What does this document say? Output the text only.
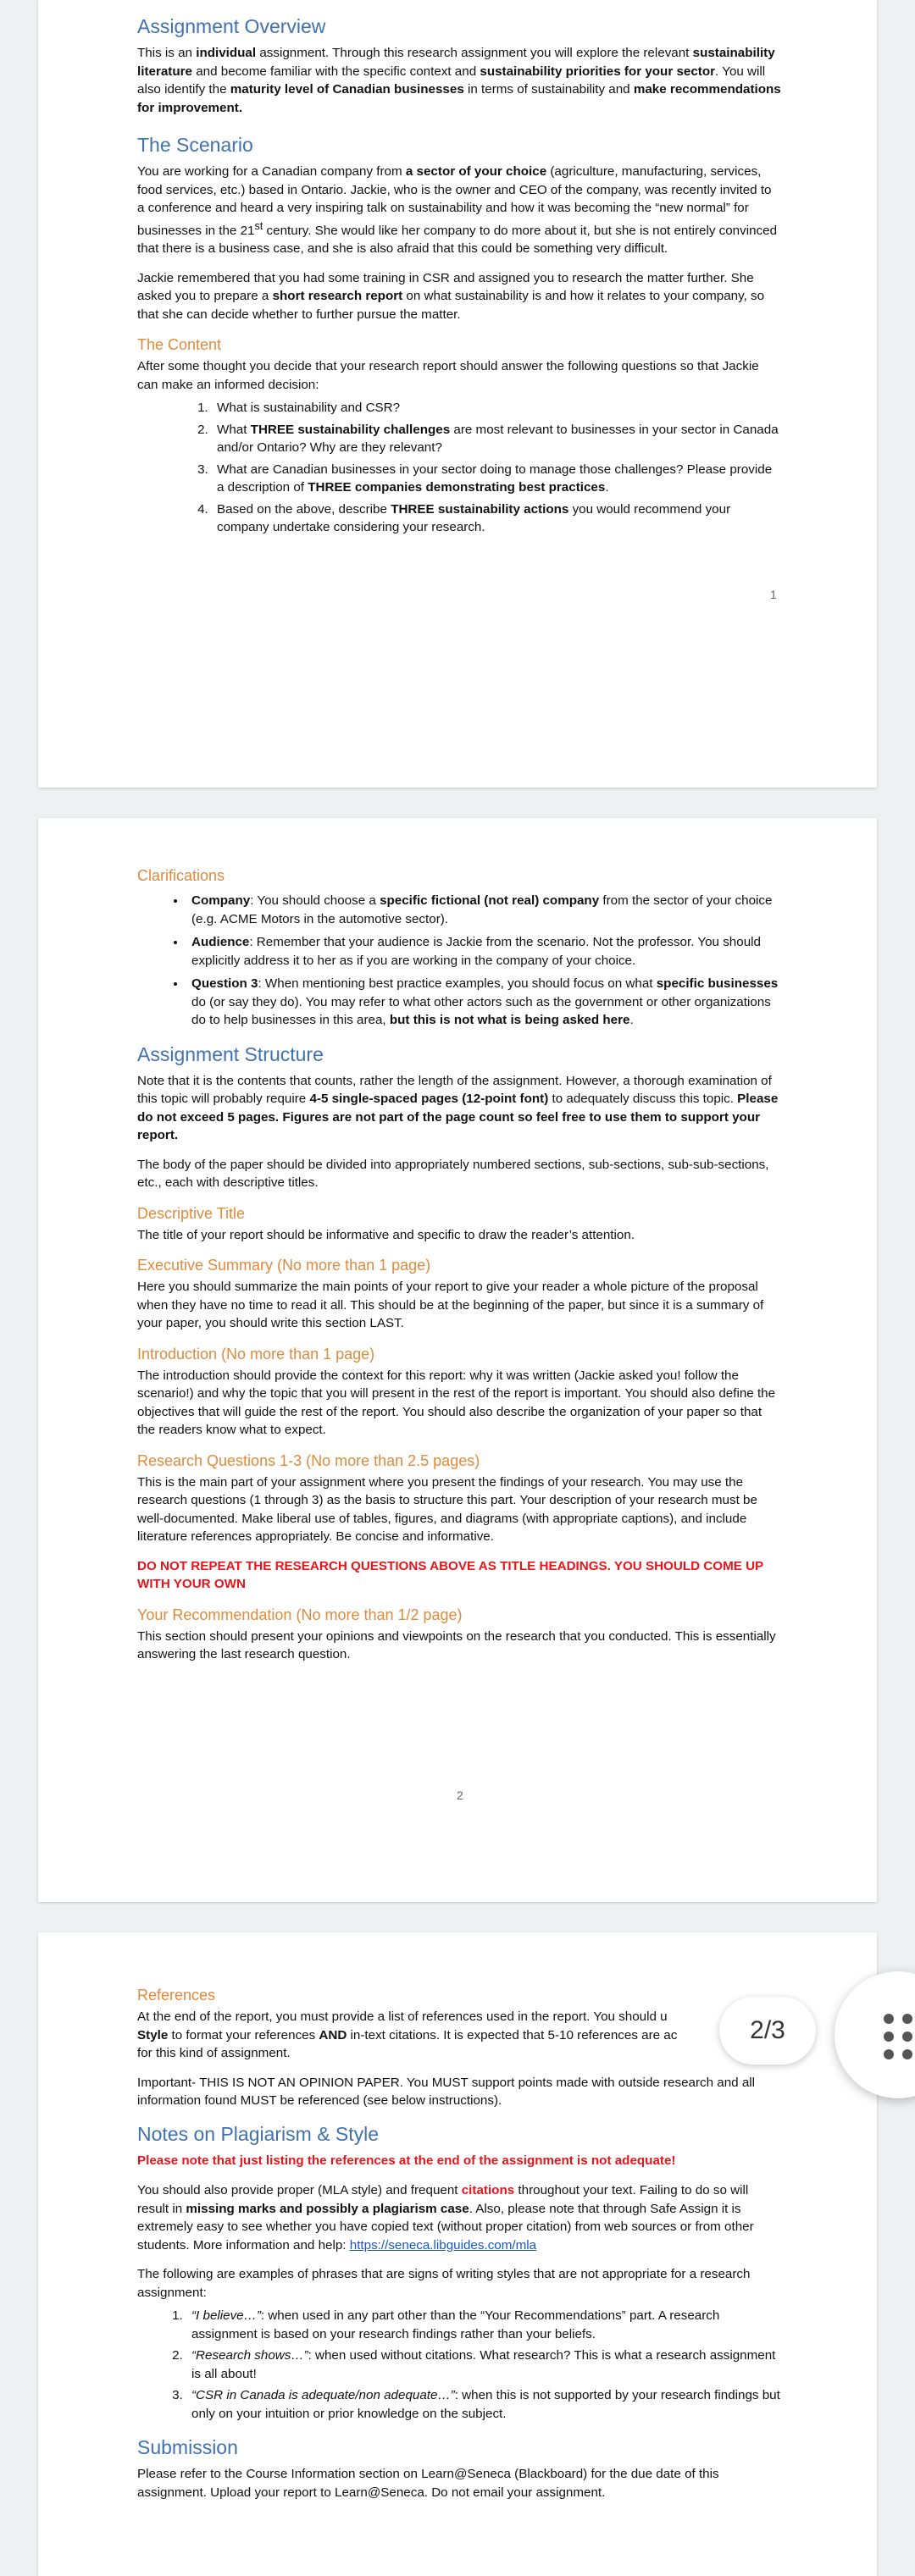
Assignment Overview

This is an individual assignment. Through this research assignment you will explore the relevant sustainability literature and become familiar with the specific context and sustainability priorities for your sector. You will also identify the maturity level of Canadian businesses in terms of sustainability and make recommendations for improvement.

The Scenario

You are working for a Canadian company from a sector of your choice (agriculture, manufacturing, services, food services, etc.) based in Ontario. Jackie, who is the owner and CEO of the company, was recently invited to a conference and heard a very inspiring talk on sustainability and how it was becoming the “new normal” for businesses in the 21st century. She would like her company to do more about it, but she is not entirely convinced that there is a business case, and she is also afraid that this could be something very difficult.

Jackie remembered that you had some training in CSR and assigned you to research the matter further. She asked you to prepare a short research report on what sustainability is and how it relates to your company, so that she can decide whether to further pursue the matter.

The Content
After some thought you decide that your research report should answer the following questions so that Jackie can make an informed decision:
1. What is sustainability and CSR?
2. What THREE sustainability challenges are most relevant to businesses in your sector in Canada and/or Ontario? Why are they relevant?
3. What are Canadian businesses in your sector doing to manage those challenges? Please provide a description of THREE companies demonstrating best practices.
4. Based on the above, describe THREE sustainability actions you would recommend your company undertake considering your research.
1
Clarifications
• Company: You should choose a specific fictional (not real) company from the sector of your choice (e.g. ACME Motors in the automotive sector).
• Audience: Remember that your audience is Jackie from the scenario. Not the professor. You should explicitly address it to her as if you are working in the company of your choice.
• Question 3: When mentioning best practice examples, you should focus on what specific businesses do (or say they do). You may refer to what other actors such as the government or other organizations do to help businesses in this area, but this is not what is being asked here.
Assignment Structure

Note that it is the contents that counts, rather the length of the assignment. However, a thorough examination of this topic will probably require 4-5 single-spaced pages (12-point font) to adequately discuss this topic. Please do not exceed 5 pages. Figures are not part of the page count so feel free to use them to support your report.

The body of the paper should be divided into appropriately numbered sections, sub-sections, sub-sub-sections, etc., each with descriptive titles.

Descriptive Title

The title of your report should be informative and specific to draw the reader’s attention.

Executive Summary (No more than 1 page)

Here you should summarize the main points of your report to give your reader a whole picture of the proposal when they have no time to read it all. This should be at the beginning of the paper, but since it is a summary of your paper, you should write this section LAST.

Introduction (No more than 1 page)

The introduction should provide the context for this report: why it was written (Jackie asked you! follow the scenario!) and why the topic that you will present in the rest of the report is important. You should also define the objectives that will guide the rest of the report. You should also describe the organization of your paper so that the readers know what to expect.

Research Questions 1-3 (No more than 2.5 pages)

This is the main part of your assignment where you present the findings of your research. You may use the research questions (1 through 3) as the basis to structure this part. Your description of your research must be well-documented. Make liberal use of tables, figures, and diagrams (with appropriate captions), and include literature references appropriately. Be concise and informative.

DO NOT REPEAT THE RESEARCH QUESTIONS ABOVE AS TITLE HEADINGS. YOU SHOULD COME UP WITH YOUR OWN

Your Recommendation (No more than 1/2 page)

This section should present your opinions and viewpoints on the research that you conducted. This is essentially answering the last research question.

2
References

At the end of the report, you must provide a list of references used in the report. You should u
Style to format your references AND in-text citations. It is expected that 5-10 references are ac
for this kind of assignment.

Important- THIS IS NOT AN OPINION PAPER. You MUST support points made with outside research and all information found MUST be referenced (see below instructions).

Notes on Plagiarism & Style

Please note that just listing the references at the end of the assignment is not adequate!

You should also provide proper (MLA style) and frequent citations throughout your text. Failing to do so will result in missing marks and possibly a plagiarism case. Also, please note that through Safe Assign it is extremely easy to see whether you have copied text (without proper citation) from web sources or from other students. More information and help: https://seneca.libguides.com/mla

The following are examples of phrases that are signs of writing styles that are not appropriate for a research assignment:

1. “I believe…”: when used in any part other than the “Your Recommendations” part. A research assignment is based on your research findings rather than your beliefs.
2. “Research shows…”: when used without citations. What research? This is what a research assignment is all about!
3. “CSR in Canada is adequate/non adequate…”: when this is not supported by your research findings but only on your intuition or prior knowledge on the subject.
Submission

Please refer to the Course Information section on Learn@Seneca (Blackboard) for the due date of this assignment. Upload your report to Learn@Seneca. Do not email your assignment.

2/3
